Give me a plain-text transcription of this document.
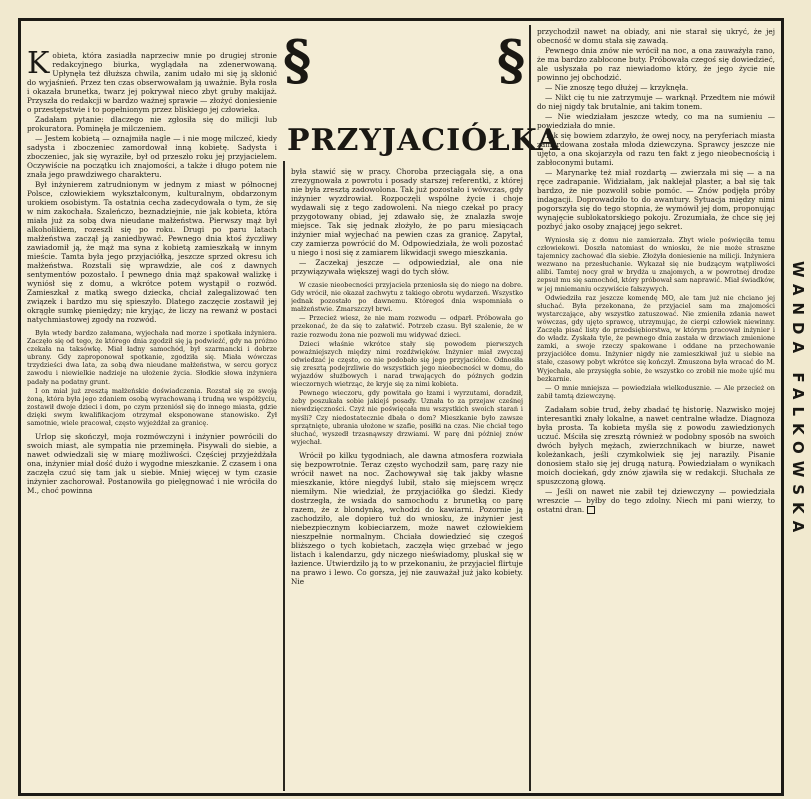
Kobieta, która zasiadła naprzeciw mnie po drugiej stronie redakcyjnego biurka, wyglądała na zdenerwowaną. Upłynęła też dłuższa chwila, zanim udało mi się ją skłonić do wyjaśnień. Przez ten czas obserwowałam ją uważnie. Była rosła i okazała brunetka, twarz jej pokrywał nieco zbyt gruby makijaż. Przyszła do redakcji w bardzo ważnej sprawie — złożyć doniesienie o przestępstwie i to popełnionym przez bliskiego jej człowieka.

Zadałam pytanie: dlaczego nie zgłosiła się do milicji lub prokuratora. Pominęła je milczeniem.

— Jestem kobietą — oznajmiła nagle — i nie mogę milczeć, kiedy sadysta i zboczeniec zamordował inną kobietę. Sadysta i zboczeniec, jak się wyraziłe, był od przeszło roku jej przyjacielem. Oczywiście na początku ich znajomości, a także i długo potem nie znała jego prawdziwego charakteru.

Był inżynierem zatrudnionym w jednym z miast w północnej Polsce, człowiekiem wykształconym, kulturalnym, obdarzonym urokiem osobistym. Ta ostatnia cecha zadecydowała o tym, że się w nim zakochała. Szaleńczo, beznadziejnie, nie jak kobieta, która miała już za sobą dwa nieudane małżeństwa. Pierwszy mąż był alkoholikiem, rozeszli się po roku. Drugi po paru latach małżeństwa zaczął ją zaniedbywać. Pewnego dnia ktoś życzliwy zawiadomił ją, że mąż ma syna z kobietą zamieszkałą w innym mieście. Tamta była jego przyjaciółką, jeszcze sprzed okresu ich małżeństwa. Rozstali się wprawdzie, ale coś z dawnych sentymentów pozostało. I pewnego dnia mąż spakował walizkę i wyniósł się z domu, a wkrótce potem wystąpił o rozwód. Zamieszkał z matką swego dziecka, chciał zalegalizować ten związek i bardzo mu się spieszyło. Dlatego zaczęcie zostawił jej okrągłe sumkę pieniędzy; nie kryjąc, że liczy na rewanż w postaci natychmiastowej zgody na rozwód.

Była wtedy bardzo załamana, wyjechała nad morze i spotkała inżyniera. Zaczęło się od tego, że którego dnia zgodził się ją podwieźć, gdy na próżno czekała na taksówkę. Miał ładny samochód, był szarmancki i dobrze ubrany. Gdy zaproponował spotkanie, zgodziła się. Miała wówczas trzydzieści dwa lata, za sobą dwa nieudane małżeństwa, w sercu gorycz zawodu i niewielkie nadzieje na ułożenie życia. Słodkie słowa inżyniera padały na podatny grunt.

I on miał już zresztą małżeńskie doświadczenia. Rozstał się ze swoją żoną, która była jego zdaniem osobą wyrachowaną i trudną we współżyciu, zostawił dwoje dzieci i dom, po czym przeniósł się do innego miasta, gdzie dzięki swym kwalifikacjom otrzymał eksponowane stanowisko. Żył samotnie, wiele pracował, często wyjeżdżał za granicę.

Urlop się skończył, moja rozmówczyni i inżynier powrócili do swoich miast, ale sympatia nie przeminęła. Pisywali do siebie, a nawet odwiedzali się w miarę możliwości. Częściej przyjeżdżała ona, inżynier miał dość dużo i wygodne mieszkanie. Z czasem i ona zaczęła czuć się tam jak u siebie. Mniej więcej w tym czasie inżynier zachorował. Postanowiła go pielęgnować i nie wróciła do M., choć powinna

§	§
PRZYJACIÓŁKA

była stawić się w pracy. Choroba przeciągała się, a ona zrezygnowała z powrotu i posady starszej referentki, z której nie była zresztą zadowolona. Tak już pozostało i wówczas, gdy inżynier wyzdrowiał. Rozpoczęli wspólne życie i choje wydawali się z tego zadowoleni. Na niego czekał po pracy przygotowany obiad, jej zdawało się, że znalazła swoje miejsce. Tak się jednak złożyło, że po paru miesiącach inżynier miał wyjechać na pewien czas za granicę. Zapytał, czy zamierza powrócić do M. Odpowiedziała, że woli pozostać u niego i nosi się z zamiarem likwidacji swego mieszkania.

— Zaczekaj jeszcze — odpowiedział, ale ona nie przywiązywała większej wagi do tych słów.

W czasie nieobecności przyjaciela przeniosła się do niego na dobre. Gdy wrócił, nie okazał zachwytu z takiego obrotu wydarzeń. Wszystko jednak pozostało po dawnemu. Któregoś dnia wspomniała o małżeństwie. Zmarszczył brwi.

— Przecież wiesz, że nie mam rozwodu — odparł. Próbowała go przekonać, że da się to załatwić. Potrzeb czasu. Był szalenie, że w razie rozwodu żona nie pozwoli mu widywać dzieci.

Dzieci właśnie wkrótce stały się powodem pierwszych poważniejszych między nimi rozdźwięków. Inżynier miał zwyczaj odwiedzać je często, co nie podobało się jego przyjaciółce. Odnosiła się zresztą podejrzliwie do wszystkich jego nieobecności w domu, do wyjazdów służbowych i narad trwających do późnych godzin wieczornych wietrząc, że kryje się za nimi kobieta.

Pewnego wieczoru, gdy powitała go łzami i wyrzutami, doradził, żeby poszukała sobie jakiejś posady. Uznała to za przejaw cześnej niewdzięczności. Czyż nie poświęcała mu wszystkich swoich starań i myśli? Czy niedostatecznie dbała o dom? Mieszkanie było zawsze sprzątnięte, ubrania ułożone w szafie, posiłki na czas. Nie chciał tego słuchać, wyszedł trzasnąwszy drzwiami. W parę dni później znów wyjechał.

Wrócił po kilku tygodniach, ale dawna atmosfera rozwiała się bezpowrotnie. Teraz często wychodził sam, parę razy nie wrócił nawet na noc. Zachowywał się tak jakby własne mieszkanie, które niegdyś lubił, stało się miejscem wręcz niemiłym. Nie wiedział, że przyjaciółka go śledzi. Kiedy dostrzegła, że wsiada do samochodu z brunetką co parę razem, że z blondynką, wchodzi do kawiarni. Pozornie ją zachodziło, ale dopiero tuż do wniosku, że inżynier jest niebezpiecznym kobieciarzem, może nawet człowiekiem nieszpełnie normalnym. Chciała dowiedzieć się czegoś bliższego o tych kobietach, zaczęła więc grzebać w jego listach i kalendarzu, gdy niczego nieświadomy, pluskał się w łazience. Utwierdziło ją to w przekonaniu, że przyjaciel flirtuje na prawo i lewo. Co gorsza, jej nie zauważał już jako kobiety. Nie

przychodził nawet na obiady, ani nie starał się ukryć, że jej obecność w domu stała się zawadą.

Pewnego dnia znów nie wrócił na noc, a ona zauważyła rano, że ma bardzo zabłocone buty. Próbowała czegoś się dowiedzieć, ale usłyszała po raz niewiadomo który, że jego życie nie powinno jej obchodzić.

— Nie znoszę tego dłużej — krzyknęła.

— Nikt cię tu nie zatrzymuje — warknął. Przedtem nie mówił do niej nigdy tak brutalnie, ani takim tonem.

— Nie wiedziałam jeszcze wtedy, co ma na sumieniu — powiedziała do mnie.

Tak się bowiem zdarzyło, że owej nocy, na peryferiach miasta zamordowana została młoda dziewczyna. Sprawcy jeszcze nie ujęto, a ona skojarzyła od razu ten fakt z jego nieobecnością i zabłoconymi butami.

— Marynarkę też miał rozdartą — zwierzała mi się — a na ręce zadrapanie. Widziałam, jak naklejał plaster, a bał się tak bardzo, że nie pozwolił sobie pomóc. — Znów podjęła próby indagacji. Doprowadziło to do awantury. Sytuacja między nimi pogorszyła się do tego stopnia, że wymówił jej dom, proponując wynajęcie sublokatorskiego pokoju. Zrozumiała, że chce się jej pozbyć jako osoby znającej jego sekret.

Wyniosła się z domu nie zamierzała. Zbyt wiele poświęciła temu człowiekowi. Doszła natomiast do wniosku, że nie może straszne tajemnicy zachować dla siebie. Złożyła doniesienie na milicji. Inżyniera wezwano na przesłuchanie. Wykazał się nie budzącym wątpliwości alibi. Tamtej nocy grał w brydża u znajomych, a w powrotnej drodze zepsuł mu się samochód, który próbował sam naprawić. Miał świadków, w jej mniemaniu oczywiście fałszywych.

Odwiedziła raz jeszcze komendę MO, ale tam już nie chciano jej słuchać. Była przekonana, że przyjaciel sam ma znajomości wystarczające, aby wszystko zatuszować. Nie zmieniła zdania nawet wówczas, gdy ujęto sprawcę, utrzymując, że cierpi człowiek niewinny. Zaczęła pisać listy do przedsiębiorstwa, w którym pracował inżynier i do władz. Zyskała tyle, że pewnego dnia zastała w drzwiach zmienione zamki, a swoje rzeczy spakowane i oddane na przechowanie przyjaciółce domu. Inżynier nigdy nie zamieszkiwał już u siebie na stałe, czasowy pobyt wkrótce się kończył. Zmuszona była wracać do M. Wyjechała, ale przysięgła sobie, że wszystko co zrobił nie może ujść mu bezkarnie.

— O mnie mniejsza — powiedziała wielkodusznie. — Ale przecież on zabił tamtą dziewczynę.

Zadałam sobie trud, żeby zbadać tę historię. Nazwisko mojej interesantki znały lokalne, a nawet centralne władze. Diagnoza była prosta. Ta kobieta myśla się z powodu zawiedzionych uczuć. Mściła się zresztą również w podobny sposób na swoich dwóch byłych mężach, zwierzchnikach w biurze, nawet koleżankach, jeśli czymkolwiek się jej narazily. Pisanie donosiem stało się jej drugą naturą. Powiedziałam o wynikach moich dociekań, gdy znów zjawiła się w redakcji. Słuchała ze spuszczoną głową.

— Jeśli on nawet nie zabił tej dziewczyny — powiedziała wreszcie — byłby do tego zdolny. Niech mi pani wierzy, to ostatni dran.	WANDA FALKOWSKA
